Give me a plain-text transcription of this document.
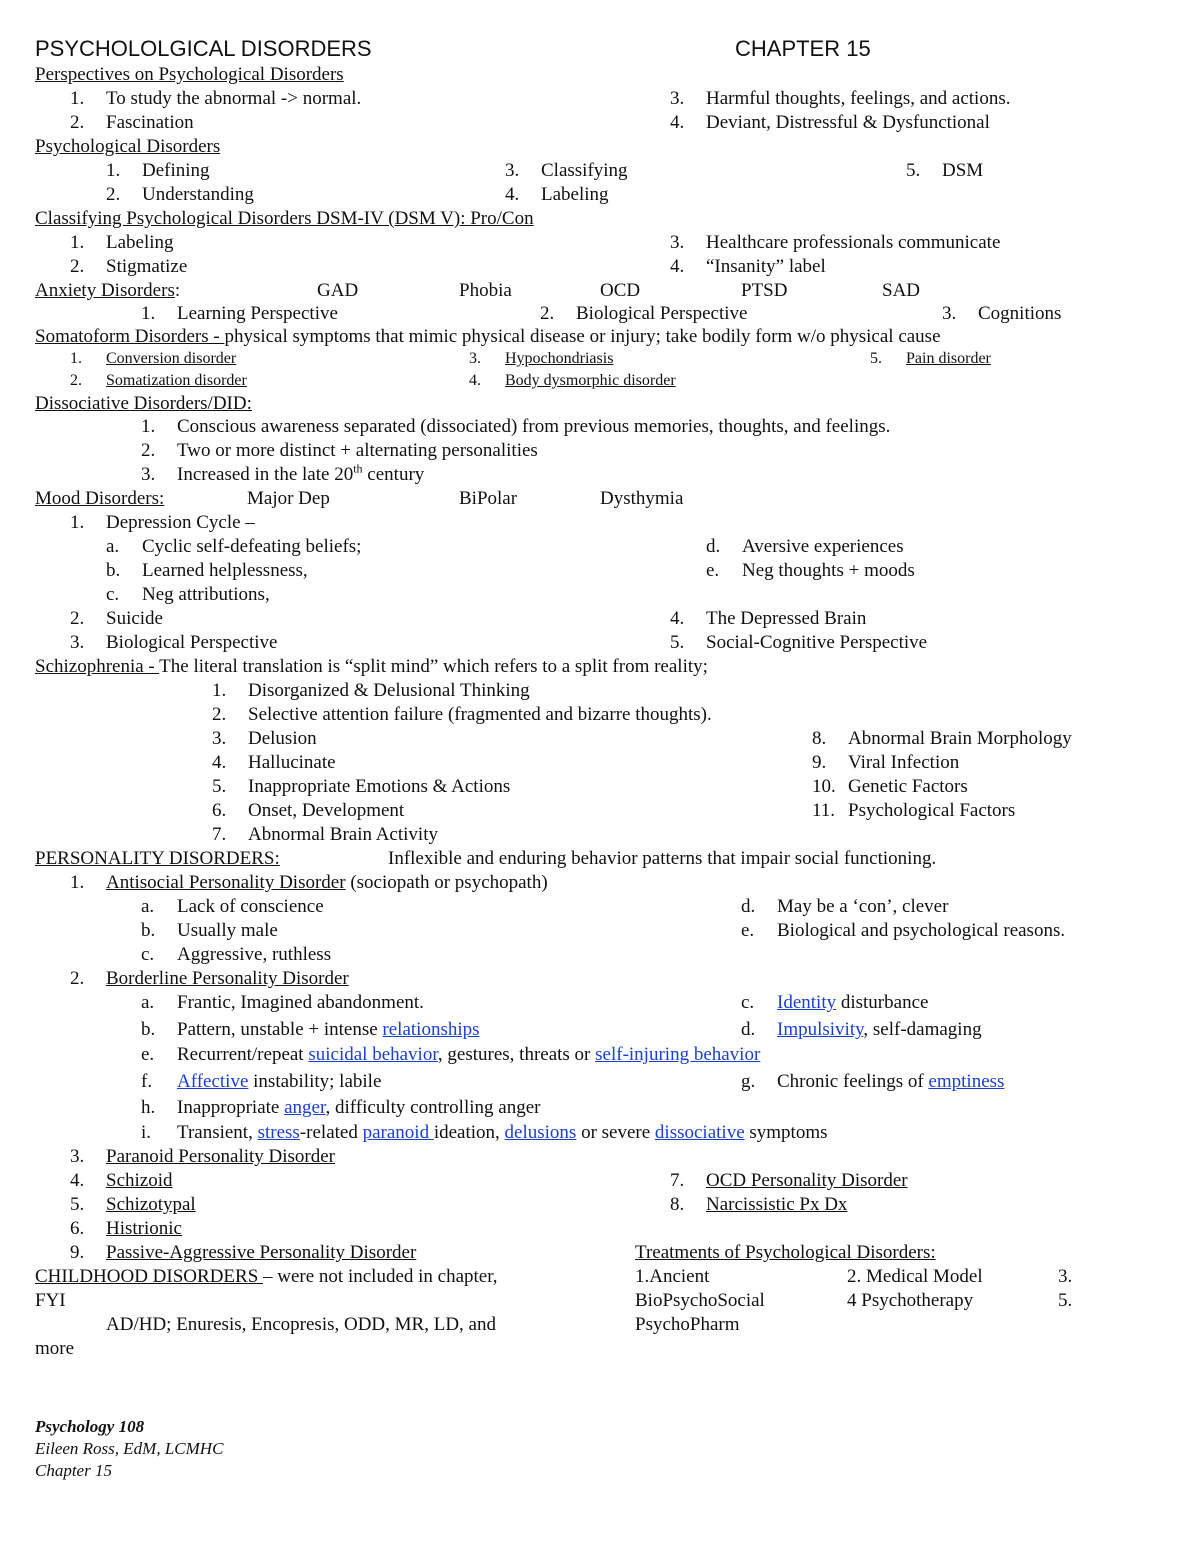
PSYCHOLOLGICAL DISORDERS	CHAPTER 15
Perspectives on Psychological Disorders
1. To study the abnormal -> normal.
2. Fascination
3. Harmful thoughts, feelings, and actions.
4. Deviant, Distressful & Dysfunctional
Psychological Disorders
1. Defining
2. Understanding
3. Classifying
4. Labeling
5. DSM
Classifying Psychological Disorders DSM-IV (DSM V): Pro/Con
1. Labeling
2. Stigmatize
3. Healthcare professionals communicate
4. “Insanity” label
Anxiety Disorders:	GAD	Phobia	OCD	PTSD	SAD
1. Learning Perspective	2. Biological Perspective	3. Cognitions
Somatoform Disorders - physical symptoms that mimic physical disease or injury; take bodily form w/o physical cause
1. Conversion disorder
2. Somatization disorder
3. Hypochondriasis
4. Body dysmorphic disorder
5. Pain disorder
Dissociative Disorders/DID:
1. Conscious awareness separated (dissociated) from previous memories, thoughts, and feelings.
2. Two or more distinct + alternating personalities
3. Increased in the late 20th century
Mood Disorders:	Major Dep	BiPolar	Dysthymia
1. Depression Cycle –
a. Cyclic self-defeating beliefs;
b. Learned helplessness,
c. Neg attributions,
d. Aversive experiences
e. Neg thoughts + moods
2. Suicide
3. Biological Perspective
4. The Depressed Brain
5. Social-Cognitive Perspective
Schizophrenia - The literal translation is “split mind” which refers to a split from reality;
1. Disorganized & Delusional Thinking
2. Selective attention failure (fragmented and bizarre thoughts).
3. Delusion
4. Hallucinate
5. Inappropriate Emotions & Actions
6. Onset, Development
7. Abnormal Brain Activity
8. Abnormal Brain Morphology
9. Viral Infection
10. Genetic Factors
11. Psychological Factors
PERSONALITY DISORDERS:	Inflexible and enduring behavior patterns that impair social functioning.
1. Antisocial Personality Disorder (sociopath or psychopath)
a. Lack of conscience
b. Usually male
c. Aggressive, ruthless
d. May be a ‘con’, clever
e. Biological and psychological reasons.
2. Borderline Personality Disorder
a. Frantic, Imagined abandonment.	c. Identity disturbance
b. Pattern, unstable + intense relationships	d. Impulsivity, self-damaging
e. Recurrent/repeat suicidal behavior, gestures, threats or self-injuring behavior
f. Affective instability; labile	g. Chronic feelings of emptiness
h. Inappropriate anger, difficulty controlling anger
i. Transient, stress-related paranoid ideation, delusions or severe dissociative symptoms
3. Paranoid Personality Disorder
4. Schizoid
5. Schizotypal
6. Histrionic
7. OCD Personality Disorder
8. Narcissistic Px Dx
9. Passive-Aggressive Personality Disorder	Treatments of Psychological Disorders:
1.Ancient	2. Medical Model	3.
BioPsychoSocial	4 Psychotherapy	5.
PsychoPharm
CHILDHOOD DISORDERS – were not included in chapter,
FYI
AD/HD; Enuresis, Encopresis, ODD, MR, LD, and
more
Psychology 108
Eileen Ross, EdM, LCMHC
Chapter 15
